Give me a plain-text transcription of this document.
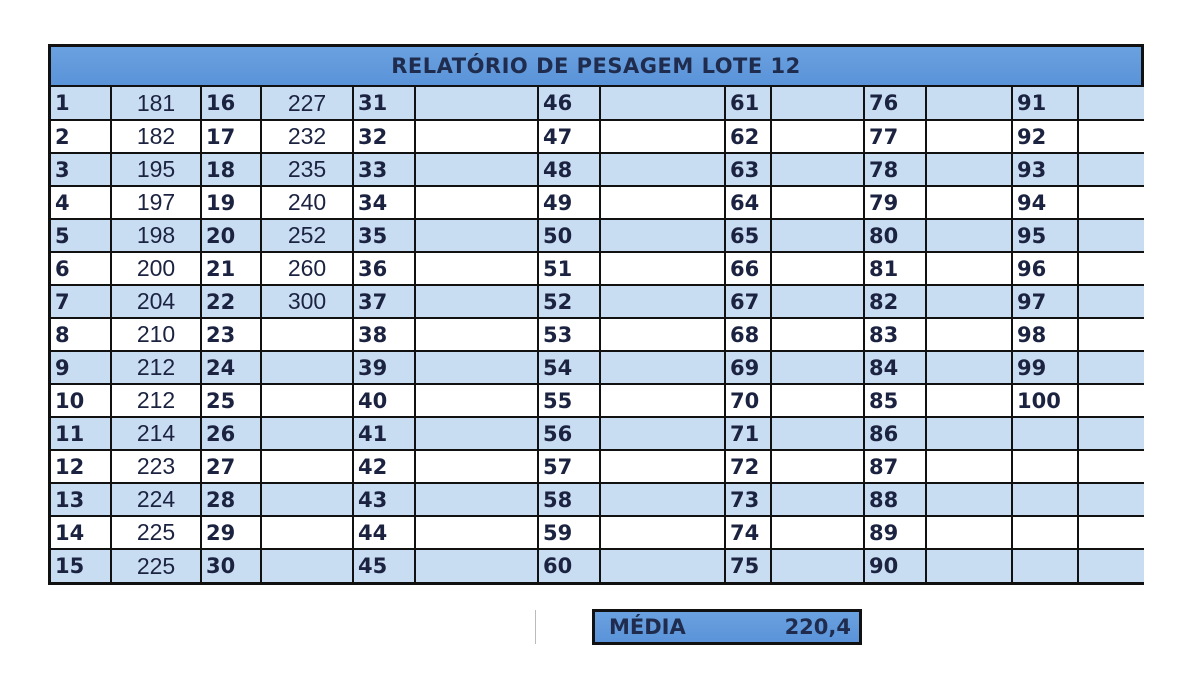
RELATÓRIO DE PESAGEM LOTE 12
1	181	16	227	31		46		61		76		91	
2	182	17	232	32		47		62		77		92	
3	195	18	235	33		48		63		78		93	
4	197	19	240	34		49		64		79		94	
5	198	20	252	35		50		65		80		95	
6	200	21	260	36		51		66		81		96	
7	204	22	300	37		52		67		82		97	
8	210	23		38		53		68		83		98	
9	212	24		39		54		69		84		99	
10	212	25		40		55		70		85		100	
11	214	26		41		56		71		86			
12	223	27		42		57		72		87			
13	224	28		43		58		73		88			
14	225	29		44		59		74		89			
15	225	30		45		60		75		90			
MÉDIA	220,4
